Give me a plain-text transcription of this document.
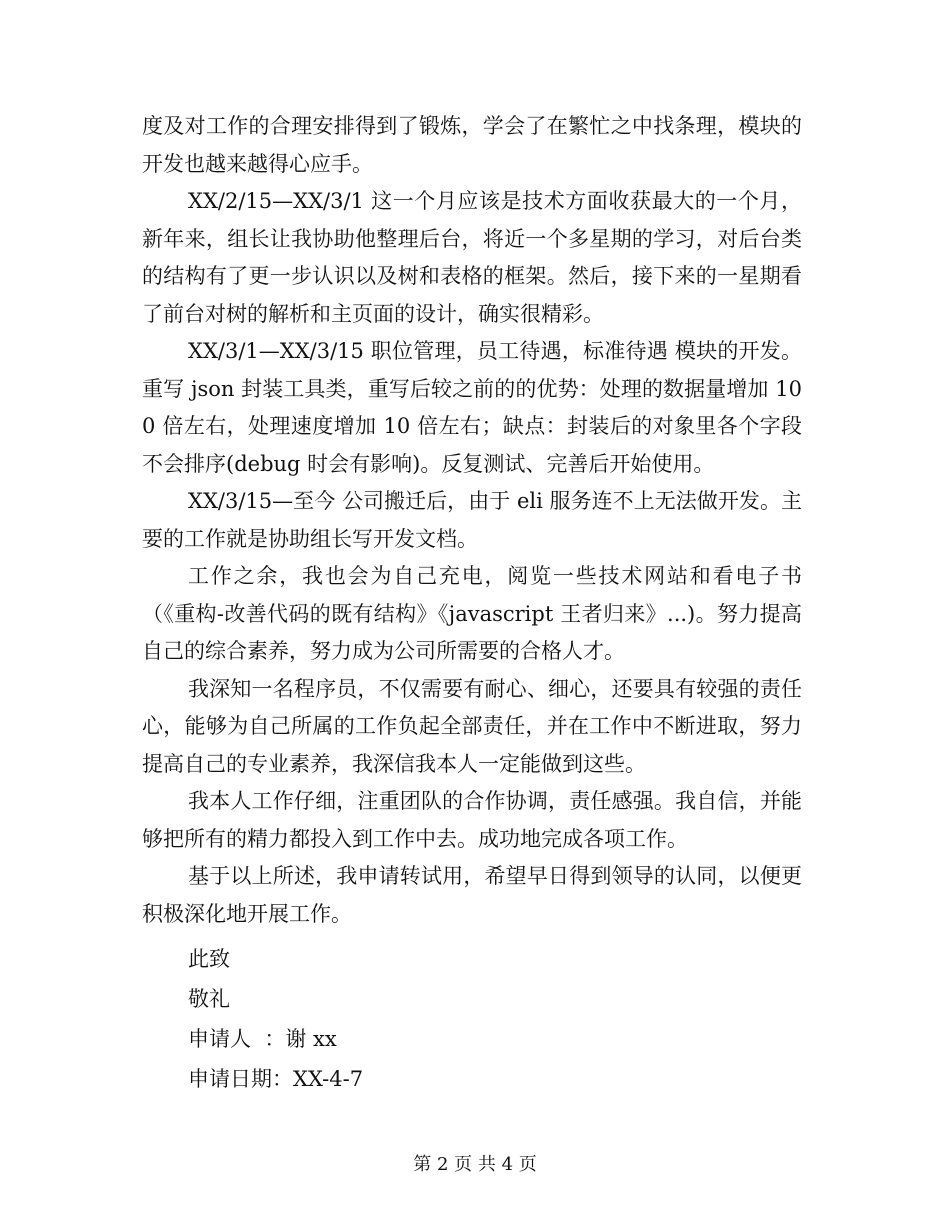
度及对工作的合理安排得到了锻炼，学会了在繁忙之中找条理，模块的开发也越来越得心应手。

XX/2/15—XX/3/1 这一个月应该是技术方面收获最大的一个月，新年来，组长让我协助他整理后台，将近一个多星期的学习，对后台类的结构有了更一步认识以及树和表格的框架。然后，接下来的一星期看了前台对树的解析和主页面的设计，确实很精彩。

XX/3/1—XX/3/15 职位管理，员工待遇，标准待遇 模块的开发。重写 json 封装工具类，重写后较之前的的优势：处理的数据量增加 100 倍左右，处理速度增加 10 倍左右；缺点：封装后的对象里各个字段不会排序(debug 时会有影响)。反复测试、完善后开始使用。

XX/3/15—至今 公司搬迁后，由于 eli 服务连不上无法做开发。主要的工作就是协助组长写开发文档。

工作之余，我也会为自己充电，阅览一些技术网站和看电子书（《重构-改善代码的既有结构》《javascript 王者归来》...)。努力提高自己的综合素养，努力成为公司所需要的合格人才。

我深知一名程序员，不仅需要有耐心、细心，还要具有较强的责任心，能够为自己所属的工作负起全部责任，并在工作中不断进取，努力提高自己的专业素养，我深信我本人一定能做到这些。

我本人工作仔细，注重团队的合作协调，责任感强。我自信，并能够把所有的精力都投入到工作中去。成功地完成各项工作。

基于以上所述，我申请转试用，希望早日得到领导的认同，以便更积极深化地开展工作。

此致

敬礼

申请人  ：谢 xx

申请日期：XX-4-7

第 2 页 共 4 页
